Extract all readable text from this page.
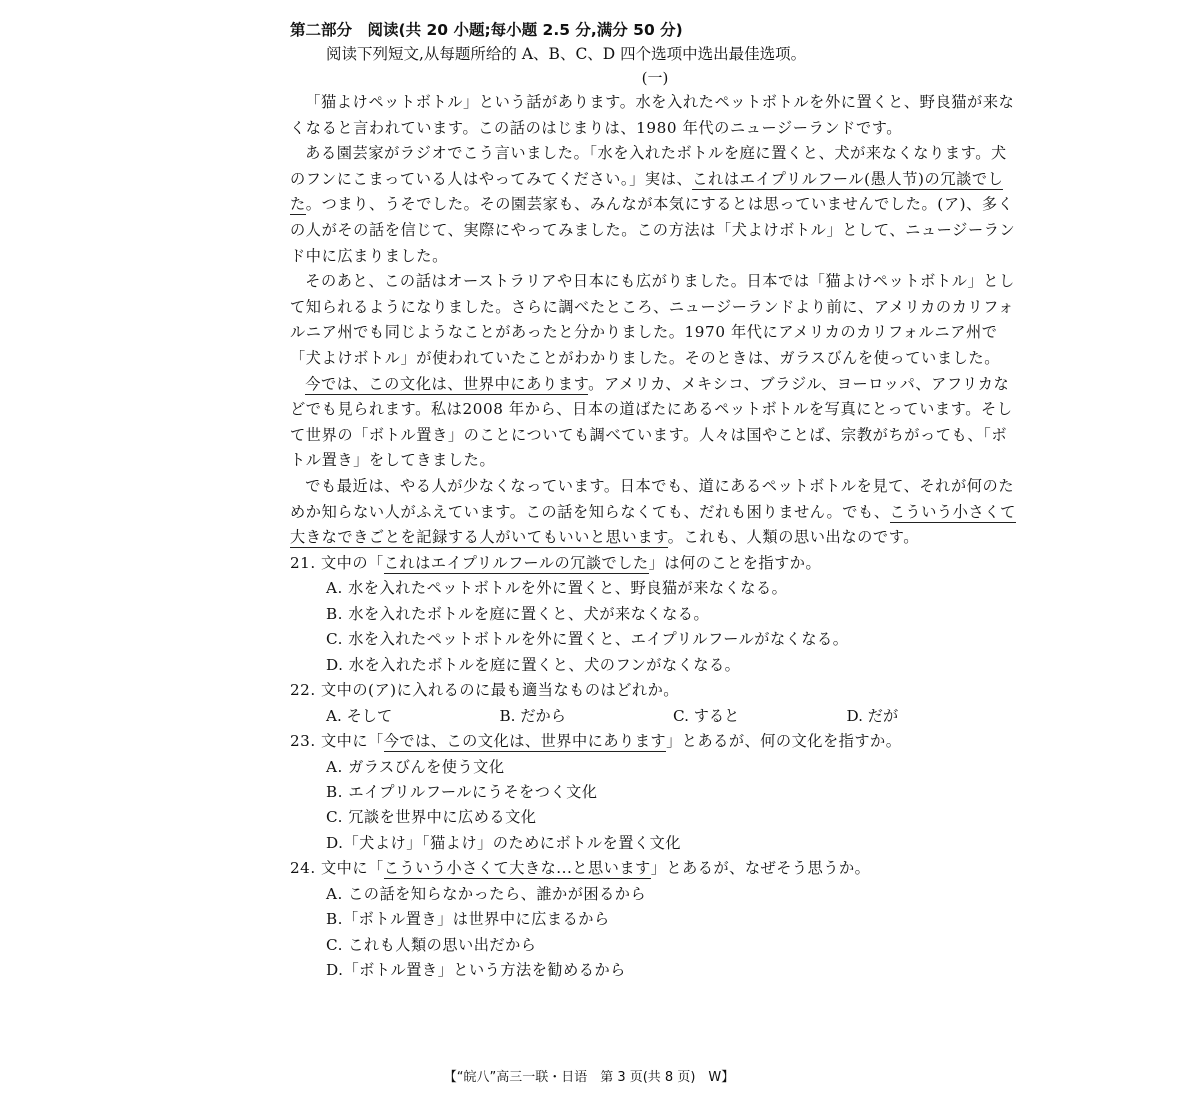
第二部分　阅读(共 20 小题;每小题 2.5 分,满分 50 分)
阅读下列短文,从每题所给的 A、B、C、D 四个选项中选出最佳选项。
(一)

「猫よけペットボトル」という話があります。水を入れたペットボトルを外に置くと、野良猫が来なくなると言われています。この話のはじまりは、1980 年代のニュージーランドです。

ある園芸家がラジオでこう言いました。「水を入れたボトルを庭に置くと、犬が来なくなります。犬のフンにこまっている人はやってみてください。」実は、これはエイプリルフール(愚人节)の冗談でした。つまり、うそでした。その園芸家も、みんなが本気にするとは思っていませんでした。(ア)、多くの人がその話を信じて、実際にやってみました。この方法は「犬よけボトル」として、ニュージーランド中に広まりました。

そのあと、この話はオーストラリアや日本にも広がりました。日本では「猫よけペットボトル」として知られるようになりました。さらに調べたところ、ニュージーランドより前に、アメリカのカリフォルニア州でも同じようなことがあったと分かりました。1970 年代にアメリカのカリフォルニア州で「犬よけボトル」が使われていたことがわかりました。そのときは、ガラスびんを使っていました。

今では、この文化は、世界中にあります。アメリカ、メキシコ、ブラジル、ヨーロッパ、アフリカなどでも見られます。私は2008 年から、日本の道ばたにあるペットボトルを写真にとっています。そして世界の「ボトル置き」のことについても調べています。人々は国やことば、宗教がちがっても、「ボトル置き」をしてきました。

でも最近は、やる人が少なくなっています。日本でも、道にあるペットボトルを見て、それが何のためか知らない人がふえています。この話を知らなくても、だれも困りません。でも、こういう小さくて大きなできごとを記録する人がいてもいいと思います。これも、人類の思い出なのです。

21. 文中の「これはエイプリルフールの冗談でした」は何のことを指すか。

A. 水を入れたペットボトルを外に置くと、野良猫が来なくなる。
B. 水を入れたボトルを庭に置くと、犬が来なくなる。
C. 水を入れたペットボトルを外に置くと、エイプリルフールがなくなる。
D. 水を入れたボトルを庭に置くと、犬のフンがなくなる。

22. 文中の(ア)に入れるのに最も適当なものはどれか。

A. そして	B. だから	C. すると	D. だが

23. 文中に「今では、この文化は、世界中にあります」とあるが、何の文化を指すか。

A. ガラスびんを使う文化
B. エイプリルフールにうそをつく文化
C. 冗談を世界中に広める文化
D.「犬よけ」「猫よけ」のためにボトルを置く文化

24. 文中に「こういう小さくて大きな...と思います」とあるが、なぜそう思うか。

A. この話を知らなかったら、誰かが困るから
B.「ボトル置き」は世界中に広まるから
C. これも人類の思い出だから
D.「ボトル置き」という方法を勧めるから
【“皖八”高三一联・日语　第 3 页(共 8 页)　W】
